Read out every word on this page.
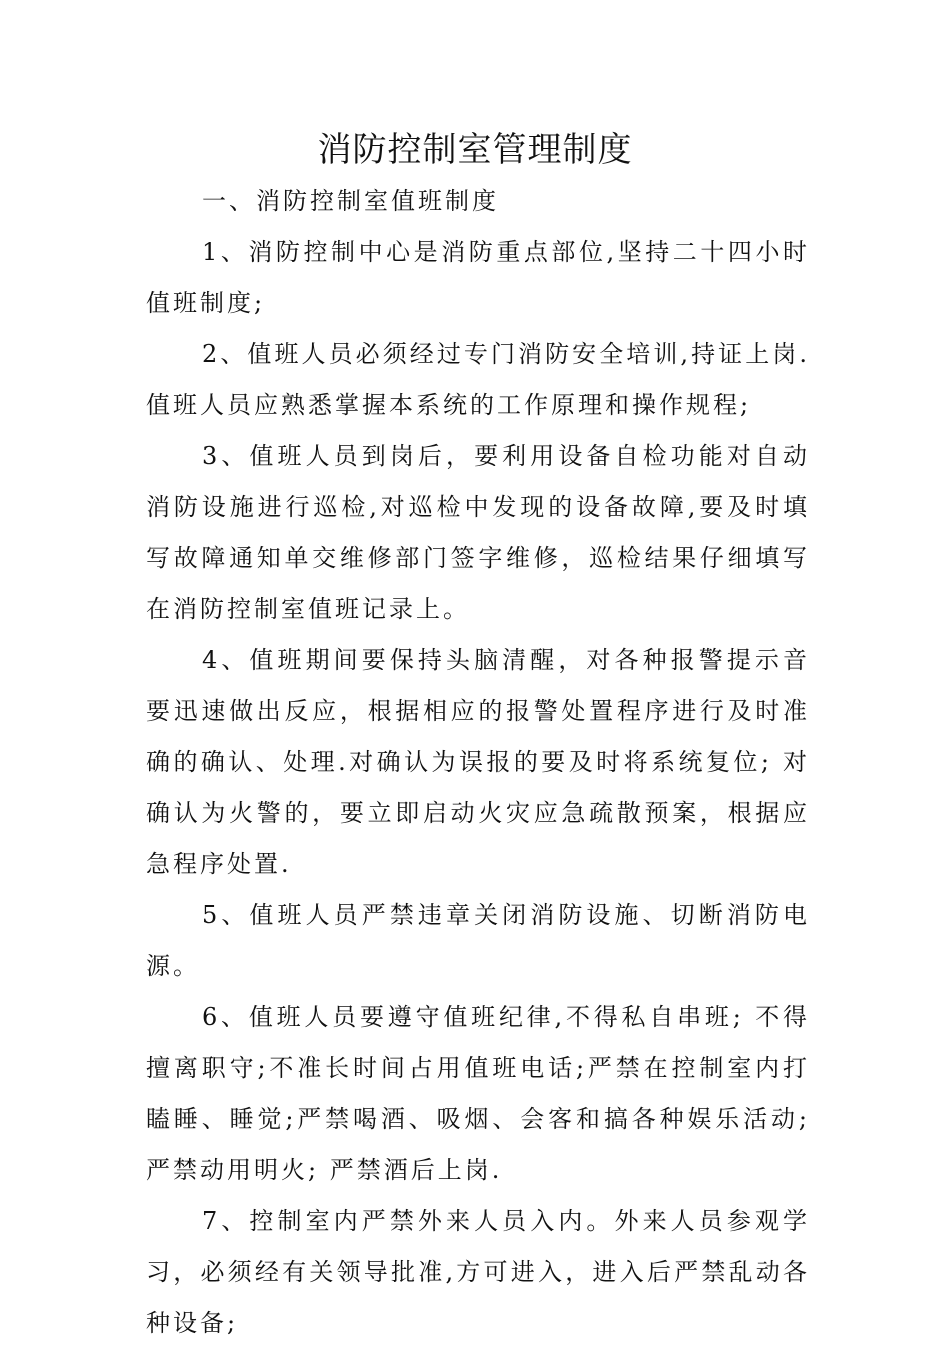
消防控制室管理制度

一、消防控制室值班制度

1、消防控制中心是消防重点部位,坚持二十四小时值班制度;

2、值班人员必须经过专门消防安全培训,持证上岗.值班人员应熟悉掌握本系统的工作原理和操作规程;

3、值班人员到岗后，要利用设备自检功能对自动消防设施进行巡检,对巡检中发现的设备故障,要及时填写故障通知单交维修部门签字维修，巡检结果仔细填写在消防控制室值班记录上。

4、值班期间要保持头脑清醒，对各种报警提示音要迅速做出反应，根据相应的报警处置程序进行及时准确的确认、处理.对确认为误报的要及时将系统复位; 对确认为火警的，要立即启动火灾应急疏散预案，根据应急程序处置.

5、值班人员严禁违章关闭消防设施、切断消防电源。

6、值班人员要遵守值班纪律,不得私自串班; 不得擅离职守;不准长时间占用值班电话;严禁在控制室内打瞌睡、睡觉;严禁喝酒、吸烟、会客和搞各种娱乐活动; 严禁动用明火; 严禁酒后上岗.

7、控制室内严禁外来人员入内。外来人员参观学习，必须经有关领导批准,方可进入，进入后严禁乱动各种设备;
